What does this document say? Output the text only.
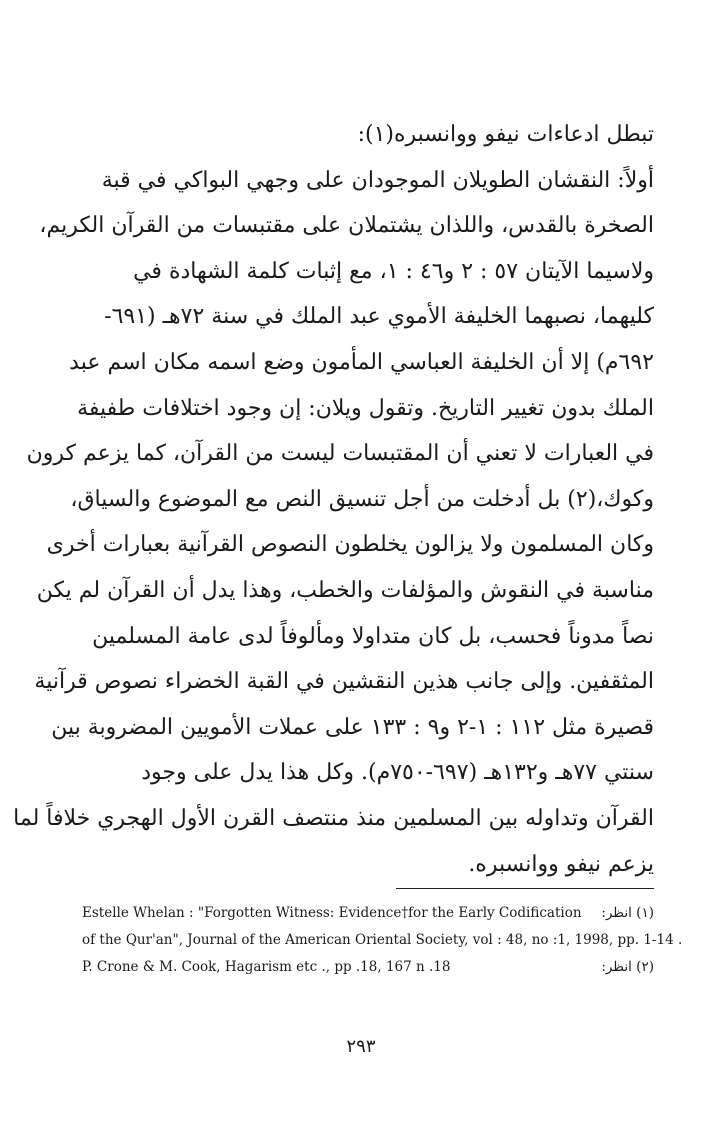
تبطل ادعاءات نيفو ووانسبره(١):
أولاً: النقشان الطويلان الموجودان على وجهي البواكي في قبة
الصخرة بالقدس، واللذان يشتملان على مقتبسات من القرآن الكريم،
ولاسيما الآيتان ٥٧ : ٢ و٤٦ : ١، مع إثبات كلمة الشهادة في
كليهما، نصبهما الخليفة الأموي عبد الملك في سنة ٧٢هـ (٦٩١-
٦٩٢م) إلا أن الخليفة العباسي المأمون وضع اسمه مكان اسم عبد
الملك بدون تغيير التاريخ. وتقول ويلان: إن وجود اختلافات طفيفة
في العبارات لا تعني أن المقتبسات ليست من القرآن، كما يزعم كرون
وكوك،(٢) بل أدخلت من أجل تنسيق النص مع الموضوع والسياق،
وكان المسلمون ولا يزالون يخلطون النصوص القرآنية بعبارات أخرى
مناسبة في النقوش والمؤلفات والخطب، وهذا يدل أن القرآن لم يكن
نصاً مدوناً فحسب، بل كان متداولا ومألوفاً لدى عامة المسلمين
المثقفين. وإلى جانب هذين النقشين في القبة الخضراء نصوص قرآنية
قصيرة مثل ١١٢ : ١-٢ و٩ : ١٣٣ على عملات الأمويين المضروبة بين
سنتي ٧٧هـ و١٣٢هـ (٦٩٧-٧٥٠م). وكل هذا يدل على وجود
القرآن وتداوله بين المسلمين منذ منتصف القرن الأول الهجري خلافاً لما
يزعم نيفو ووانسبره.
Estelle Whelan : "Forgotten Witness: Evidence†for the Early Codification (١) انظر:
of the Qur'an", Journal of the American Oriental Society, vol : 48, no :1, 1998, pp. 1-14 .
P. Crone & M. Cook, Hagarism etc ., pp .18, 167 n .18	(٢) انظر:
٢٩٣
